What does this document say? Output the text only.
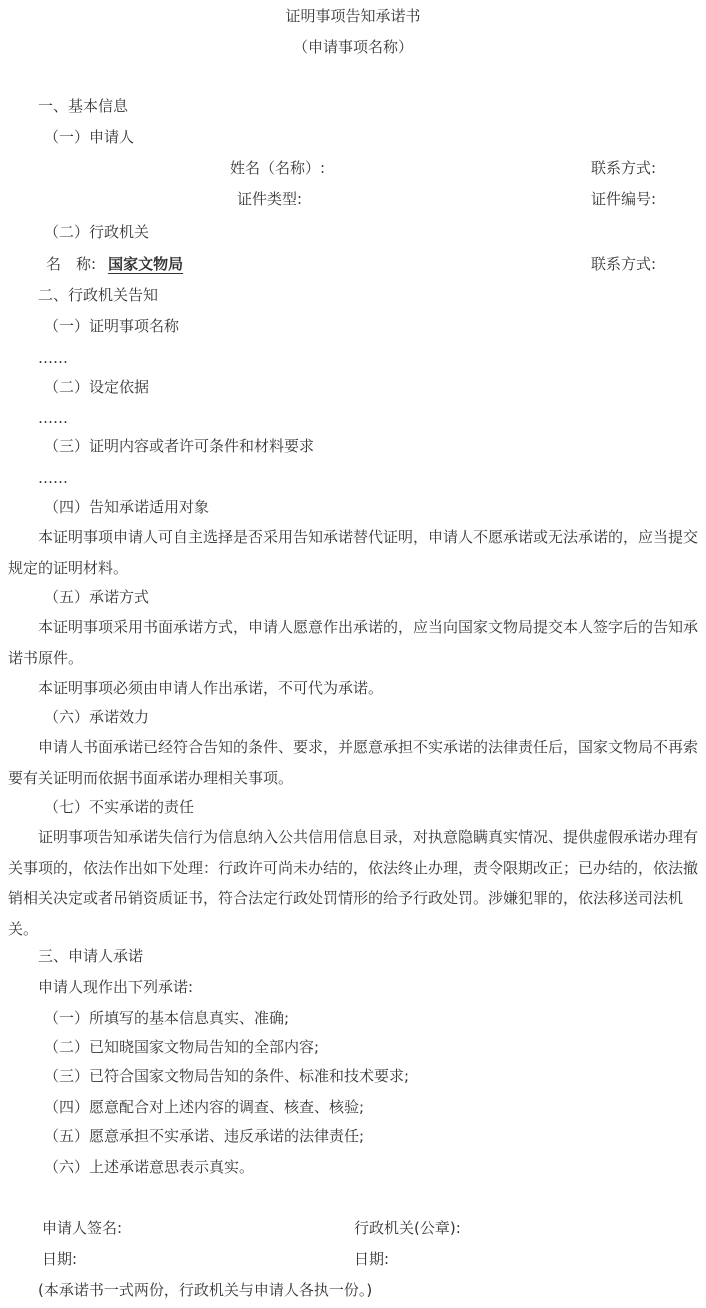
证明事项告知承诺书
（申请事项名称）
一、基本信息
（一）申请人
姓名（名称）:	联系方式:
证件类型:	证件编号:
（二）行政机关
名　称: 国家文物局	联系方式:
二、行政机关告知
（一）证明事项名称
……
（二）设定依据
……
（三）证明内容或者许可条件和材料要求
……
（四）告知承诺适用对象
本证明事项申请人可自主选择是否采用告知承诺替代证明，申请人不愿承诺或无法承诺的，应当提交规定的证明材料。
（五）承诺方式
本证明事项采用书面承诺方式，申请人愿意作出承诺的，应当向国家文物局提交本人签字后的告知承诺书原件。
本证明事项必须由申请人作出承诺，不可代为承诺。
（六）承诺效力
申请人书面承诺已经符合告知的条件、要求，并愿意承担不实承诺的法律责任后，国家文物局不再索要有关证明而依据书面承诺办理相关事项。
（七）不实承诺的责任
证明事项告知承诺失信行为信息纳入公共信用信息目录，对执意隐瞒真实情况、提供虚假承诺办理有关事项的，依法作出如下处理：行政许可尚未办结的，依法终止办理，责令限期改正；已办结的，依法撤销相关决定或者吊销资质证书，符合法定行政处罚情形的给予行政处罚。涉嫌犯罪的，依法移送司法机关。
三、申请人承诺
申请人现作出下列承诺:
（一）所填写的基本信息真实、准确;
（二）已知晓国家文物局告知的全部内容;
（三）已符合国家文物局告知的条件、标准和技术要求;
（四）愿意配合对上述内容的调查、核查、核验;
（五）愿意承担不实承诺、违反承诺的法律责任;
（六）上述承诺意思表示真实。
申请人签名:	行政机关(公章):
日期:	日期:
(本承诺书一式两份，行政机关与申请人各执一份。)
